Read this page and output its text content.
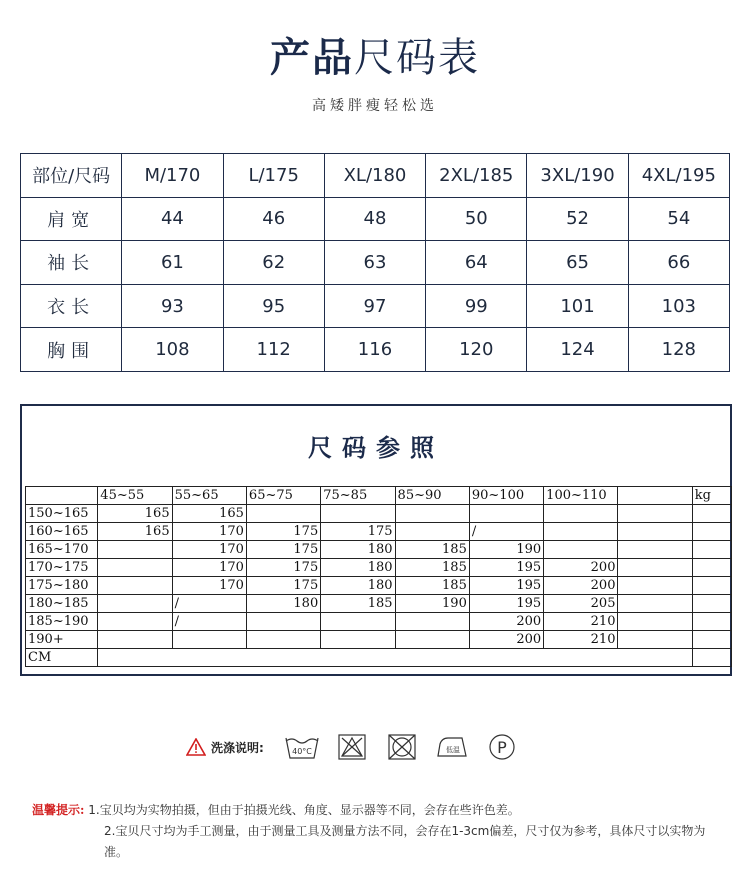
产品尺码表
高矮胖瘦轻松选
部位/尺码	M/170	L/175	XL/180	2XL/185	3XL/190	4XL/195
肩宽	44	46	48	50	52	54
袖长	61	62	63	64	65	66
衣长	93	95	97	99	101	103
胸围	108	112	116	120	124	128
尺码参照
	45~55	55~65	65~75	75~85	85~90	90~100	100~110		kg
150~165	165	165							
160~165	165	170	175	175		/			
165~170		170	175	180	185	190			
170~175		170	175	180	185	195	200		
175~180		170	175	180	185	195	200		
180~185		/	180	185	190	195	205		
185~190		/				200	210		
190+						200	210		
CM									
洗涤说明:	40°C	低温 P
温馨提示: 1.宝贝均为实物拍摄，但由于拍摄光线、角度、显示器等不同，会存在些许色差。
2.宝贝尺寸均为手工测量，由于测量工具及测量方法不同，会存在1-3cm偏差，尺寸仅为参考，具体尺寸以实物为
准。
